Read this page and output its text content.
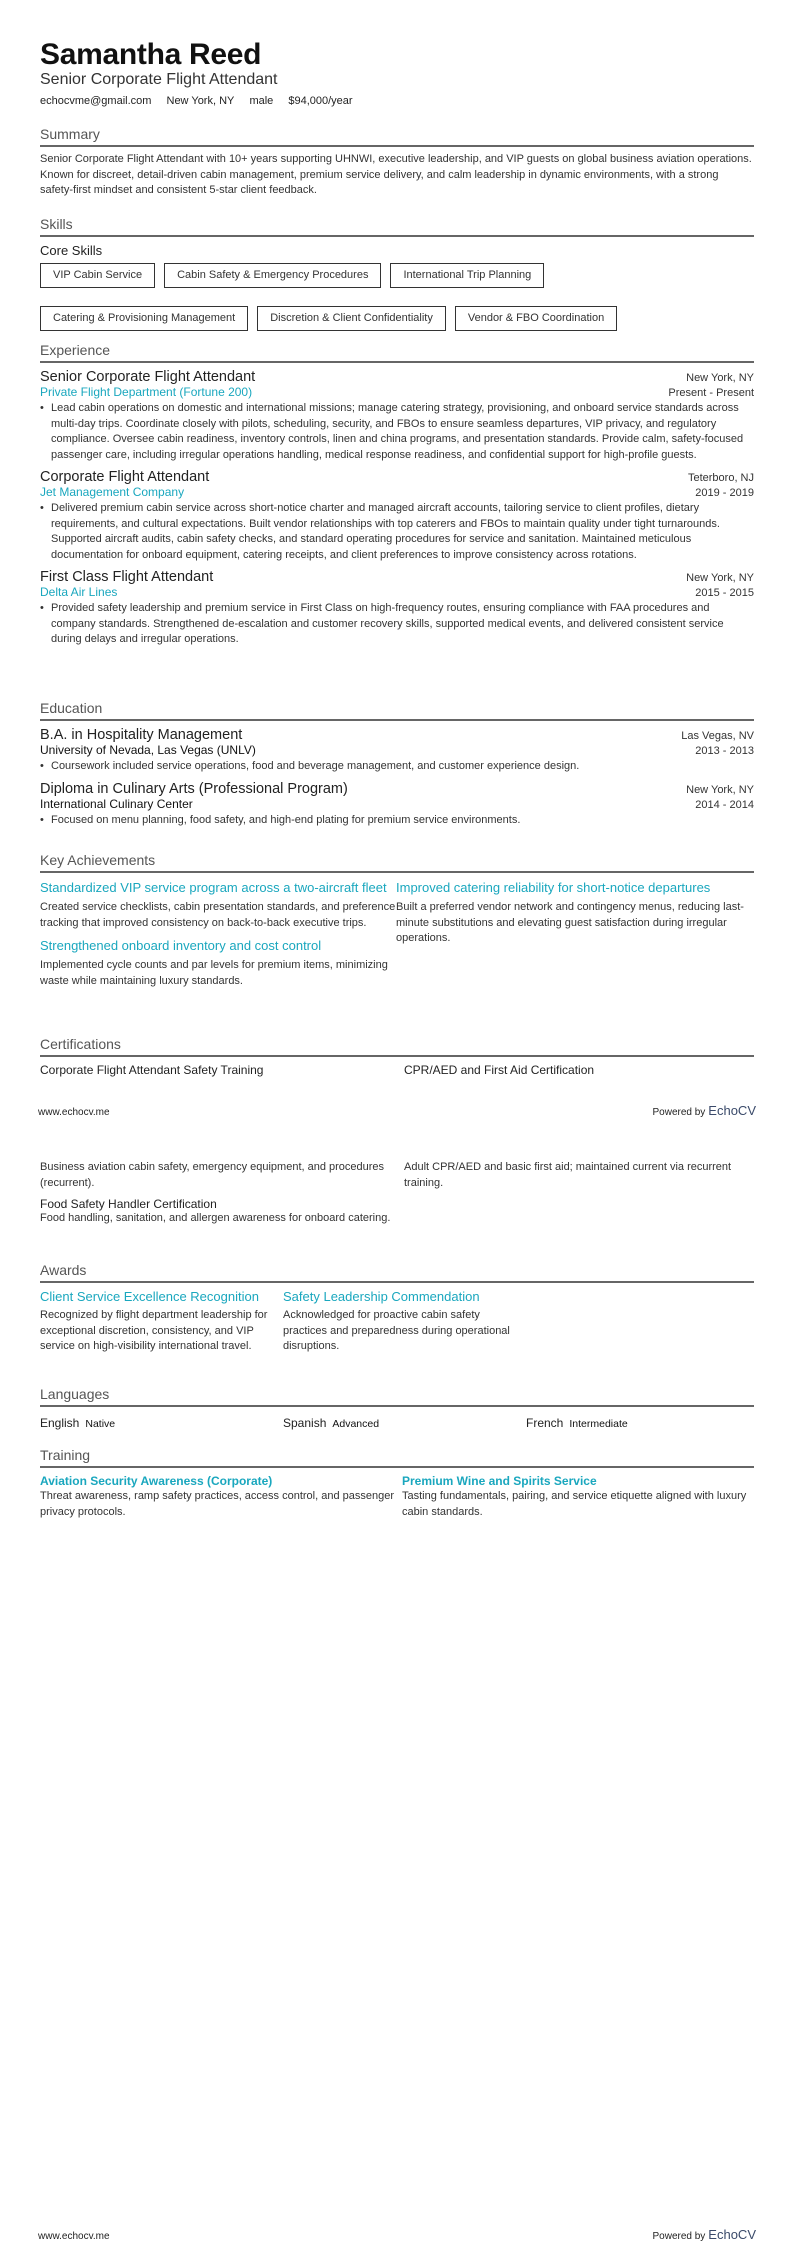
Samantha Reed
Senior Corporate Flight Attendant
echocvme@gmail.com New York, NY male $94,000/year
Summary
Senior Corporate Flight Attendant with 10+ years supporting UHNWI, executive leadership, and VIP guests on global business aviation operations. Known for discreet, detail-driven cabin management, premium service delivery, and calm leadership in dynamic environments, with a strong safety-first mindset and consistent 5-star client feedback.
Skills
Core Skills
VIP Cabin Service	Cabin Safety & Emergency Procedures	International Trip Planning
Catering & Provisioning Management	Discretion & Client Confidentiality	Vendor & FBO Coordination
Experience
Senior Corporate Flight Attendant	New York, NY
Private Flight Department (Fortune 200)	Present - Present
• Lead cabin operations on domestic and international missions; manage catering strategy, provisioning, and onboard service standards across multi-day trips. Coordinate closely with pilots, scheduling, security, and FBOs to ensure seamless departures, VIP privacy, and regulatory compliance. Oversee cabin readiness, inventory controls, linen and china programs, and presentation standards. Provide calm, safety-focused passenger care, including irregular operations handling, medical response readiness, and confidential support for high-profile guests.
Corporate Flight Attendant	Teterboro, NJ
Jet Management Company	2019 - 2019
• Delivered premium cabin service across short-notice charter and managed aircraft accounts, tailoring service to client profiles, dietary requirements, and cultural expectations. Built vendor relationships with top caterers and FBOs to maintain quality under tight turnarounds. Supported aircraft audits, cabin safety checks, and standard operating procedures for service and sanitation. Maintained meticulous documentation for onboard equipment, catering receipts, and client preferences to improve consistency across rotations.
First Class Flight Attendant	New York, NY
Delta Air Lines	2015 - 2015
• Provided safety leadership and premium service in First Class on high-frequency routes, ensuring compliance with FAA procedures and company standards. Strengthened de-escalation and customer recovery skills, supported medical events, and delivered consistent service during delays and irregular operations.
Education
B.A. in Hospitality Management	Las Vegas, NV
University of Nevada, Las Vegas (UNLV)	2013 - 2013
• Coursework included service operations, food and beverage management, and customer experience design.
Diploma in Culinary Arts (Professional Program)	New York, NY
International Culinary Center	2014 - 2014
• Focused on menu planning, food safety, and high-end plating for premium service environments.
Key Achievements
Standardized VIP service program across a two-aircraft fleet
Created service checklists, cabin presentation standards, and preference tracking that improved consistency on back-to-back executive trips.
Strengthened onboard inventory and cost control
Implemented cycle counts and par levels for premium items, minimizing waste while maintaining luxury standards.
Improved catering reliability for short-notice departures
Built a preferred vendor network and contingency menus, reducing last-minute substitutions and elevating guest satisfaction during irregular operations.
Certifications
Corporate Flight Attendant Safety Training	CPR/AED and First Aid Certification
www.echocv.me	Powered by EchoCV
Business aviation cabin safety, emergency equipment, and procedures (recurrent).
Food Safety Handler Certification
Food handling, sanitation, and allergen awareness for onboard catering.
Adult CPR/AED and basic first aid; maintained current via recurrent training.
Awards
Client Service Excellence Recognition
Recognized by flight department leadership for exceptional discretion, consistency, and VIP service on high-visibility international travel.
Safety Leadership Commendation
Acknowledged for proactive cabin safety practices and preparedness during operational disruptions.
Languages
English Native	Spanish Advanced	French Intermediate
Training
Aviation Security Awareness (Corporate)
Threat awareness, ramp safety practices, access control, and passenger privacy protocols.
Premium Wine and Spirits Service
Tasting fundamentals, pairing, and service etiquette aligned with luxury cabin standards.
www.echocv.me	Powered by EchoCV
